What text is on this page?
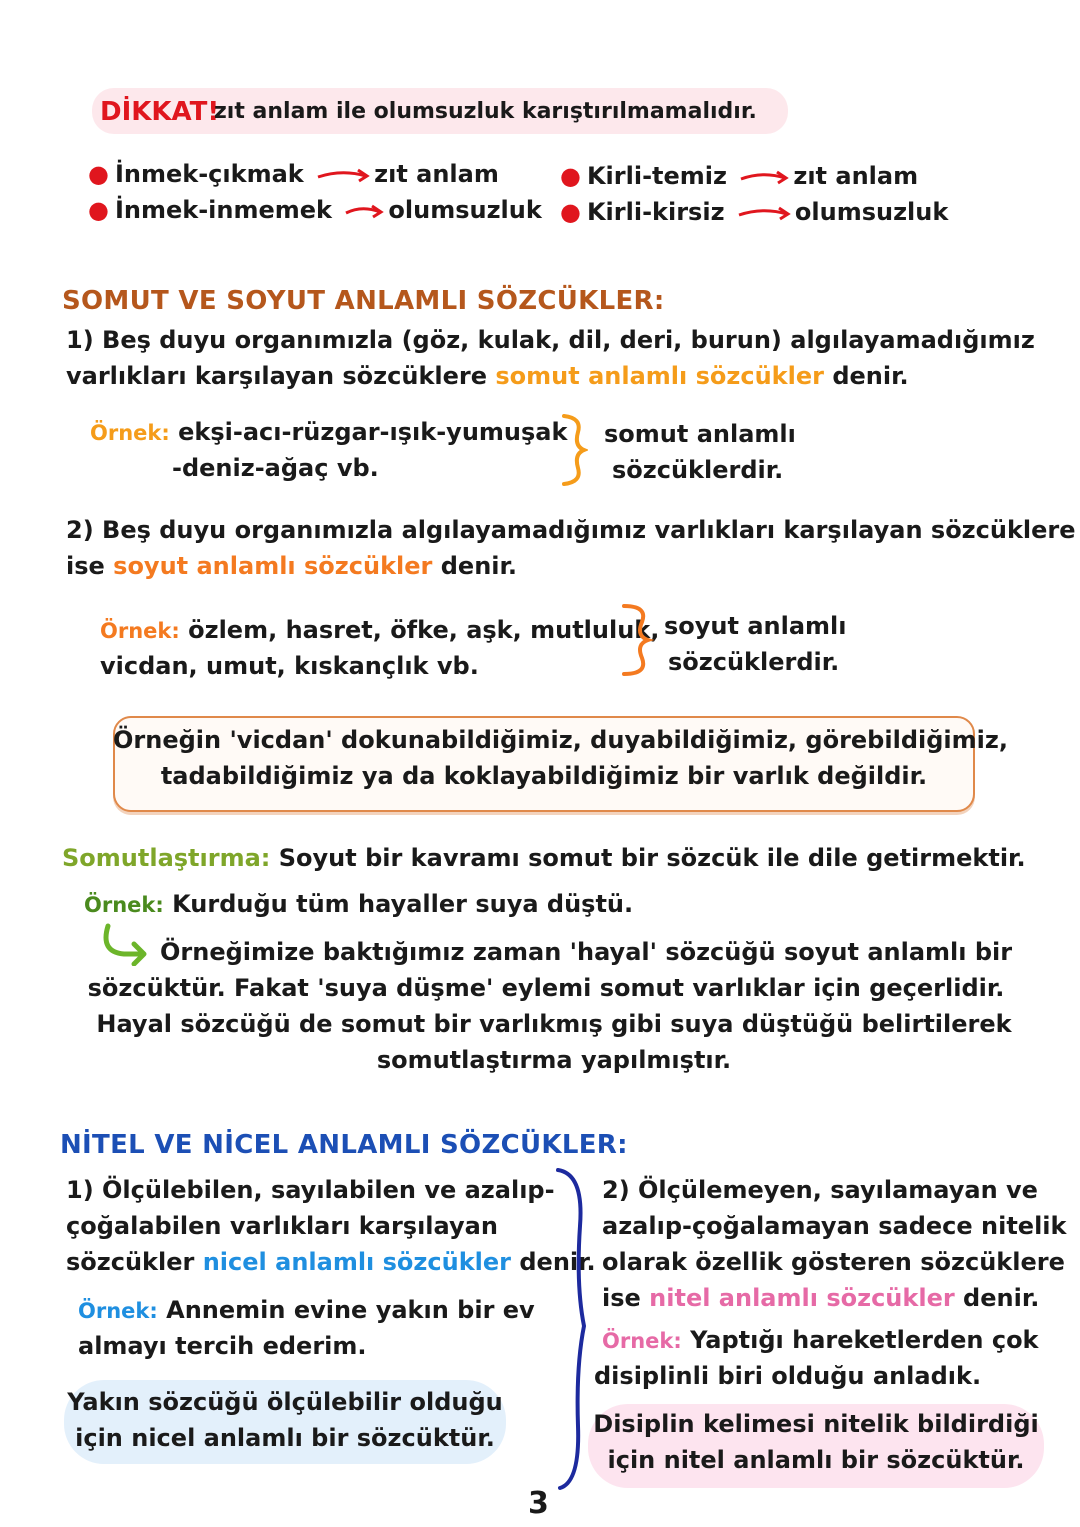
DİKKAT!
zıt anlam ile olumsuzluk karıştırılmamalıdır.
● İnmek-çıkmak	zıt anlam
● İnmek-inmemek olumsuzluk
● Kirli-temiz	zıt anlam
● Kirli-kirsiz	olumsuzluk
SOMUT VE SOYUT ANLAMLI SÖZCÜKLER:
1) Beş duyu organımızla (göz, kulak, dil, deri, burun) algılayamadığımız
varlıkları karşılayan sözcüklere somut anlamlı sözcükler denir.
Örnek: ekşi-acı-rüzgar-ışık-yumuşak
-deniz-ağaç vb.
somut anlamlı
sözcüklerdir.
2) Beş duyu organımızla algılayamadığımız varlıkları karşılayan sözcüklere
ise soyut anlamlı sözcükler denir.
Örnek: özlem, hasret, öfke, aşk, mutluluk,
vicdan, umut, kıskançlık vb.
soyut anlamlı
sözcüklerdir.
Örneğin 'vicdan' dokunabildiğimiz, duyabildiğimiz, görebildiğimiz,
tadabildiğimiz ya da koklayabildiğimiz bir varlık değildir.
Somutlaştırma: Soyut bir kavramı somut bir sözcük ile dile getirmektir.
Örnek: Kurduğu tüm hayaller suya düştü.
Örneğimize baktığımız zaman 'hayal' sözcüğü soyut anlamlı bir
sözcüktür. Fakat 'suya düşme' eylemi somut varlıklar için geçerlidir.
Hayal sözcüğü de somut bir varlıkmış gibi suya düştüğü belirtilerek
somutlaştırma yapılmıştır.
NİTEL VE NİCEL ANLAMLI SÖZCÜKLER:
1) Ölçülebilen, sayılabilen ve azalıp-
çoğalabilen varlıkları karşılayan
sözcükler nicel anlamlı sözcükler denir.
Örnek: Annemin evine yakın bir ev
almayı tercih ederim.
Yakın sözcüğü ölçülebilir olduğu
için nicel anlamlı bir sözcüktür.
2) Ölçülemeyen, sayılamayan ve
azalıp-çoğalamayan sadece nitelik
olarak özellik gösteren sözcüklere
ise nitel anlamlı sözcükler denir.
Örnek: Yaptığı hareketlerden çok
disiplinli biri olduğu anladık.
Disiplin kelimesi nitelik bildirdiği
için nitel anlamlı bir sözcüktür.
3
